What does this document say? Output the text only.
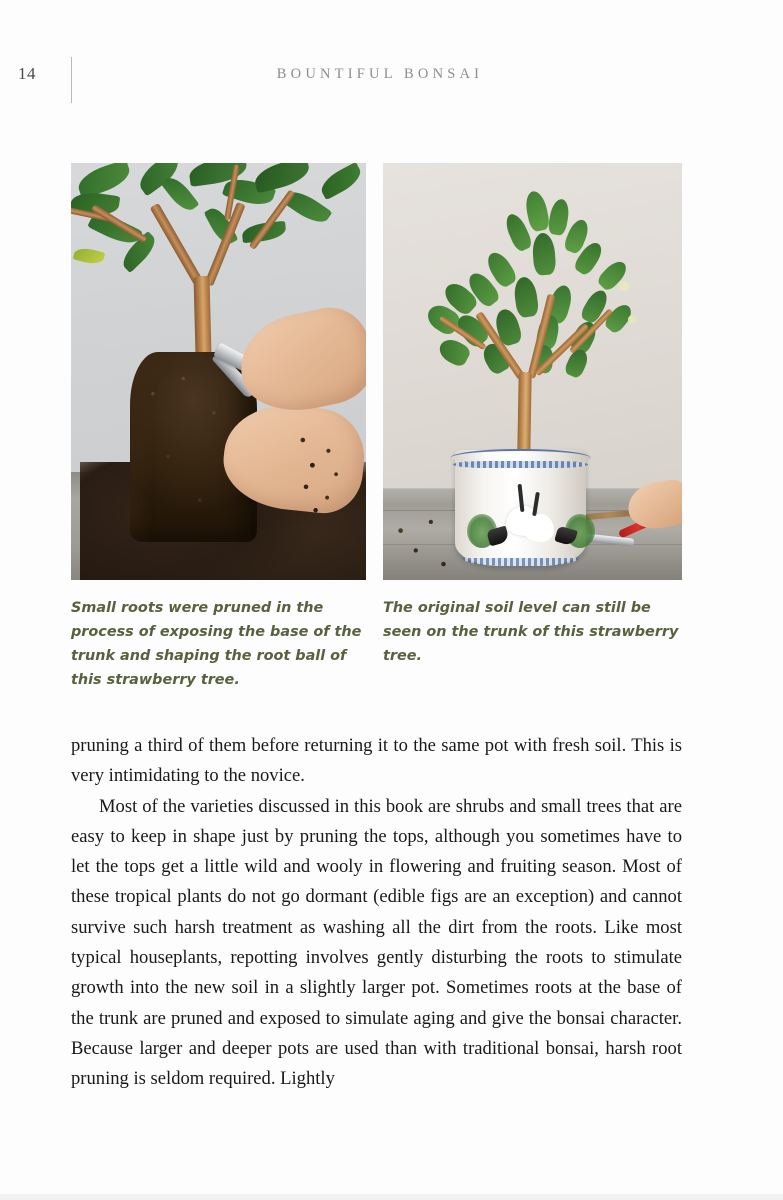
14	BOUNTIFUL BONSAI
Small roots were pruned in the process of exposing the base of the trunk and shaping the root ball of this strawberry tree.
The original soil level can still be seen on the trunk of this strawberry tree.

pruning a third of them before returning it to the same pot with fresh soil. This is very intimidating to the novice.

Most of the varieties discussed in this book are shrubs and small trees that are easy to keep in shape just by pruning the tops, although you sometimes have to let the tops get a little wild and wooly in flowering and fruiting season. Most of these tropical plants do not go dormant (edible figs are an exception) and cannot survive such harsh treatment as washing all the dirt from the roots. Like most typical houseplants, repotting involves gently disturbing the roots to stimulate growth into the new soil in a slightly larger pot. Sometimes roots at the base of the trunk are pruned and exposed to simulate aging and give the bonsai character. Because larger and deeper pots are used than with traditional bonsai, harsh root pruning is seldom required. Lightly
